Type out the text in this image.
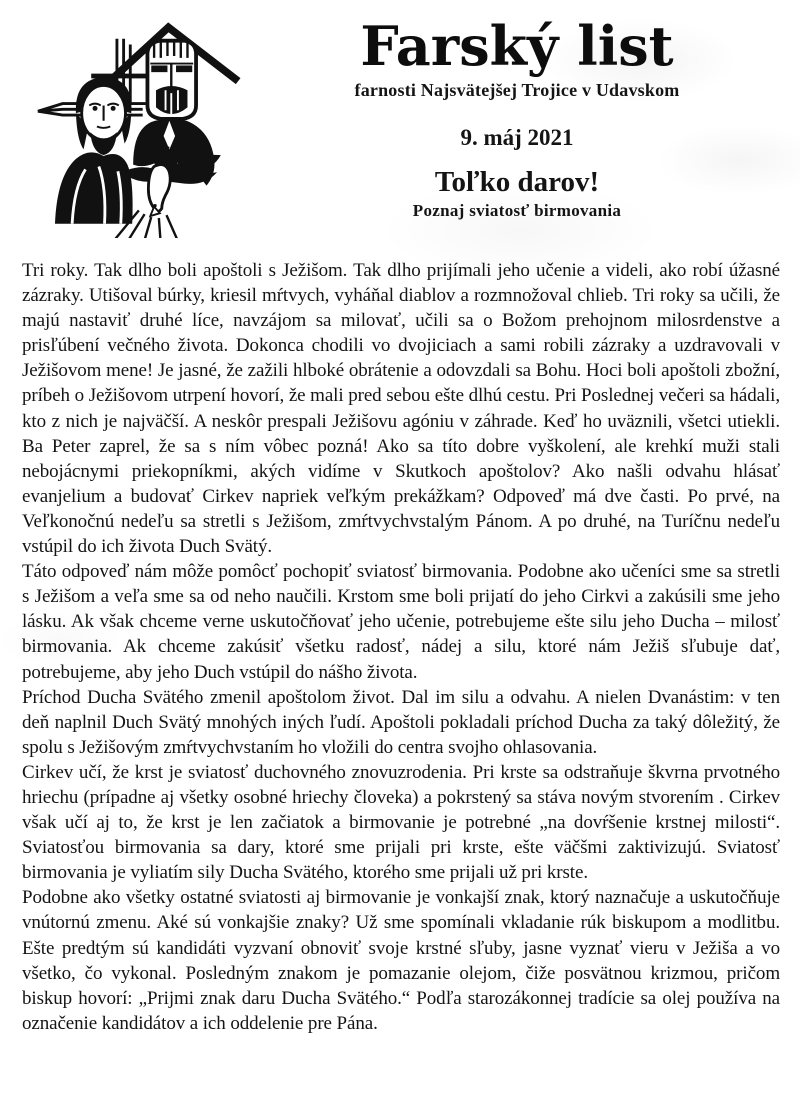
Farský list
farnosti Najsvätejšej Trojice v Udavskom
9. máj 2021
Toľko darov!
Poznaj sviatosť birmovania

Tri roky. Tak dlho boli apoštoli s Ježišom. Tak dlho prijímali jeho učenie a videli, ako robí úžasné zázraky. Utišoval búrky, kriesil mŕtvych, vyháňal diablov a rozmnožoval chlieb. Tri roky sa učili, že majú nastaviť druhé líce, navzájom sa milovať, učili sa o Božom prehojnom milosrdenstve a prisľúbení večného života. Dokonca chodili vo dvojiciach a sami robili zázraky a uzdravovali v Ježišovom mene! Je jasné, že zažili hlboké obrátenie a odovzdali sa Bohu. Hoci boli apoštoli zbožní, príbeh o Ježišovom utrpení hovorí, že mali pred sebou ešte dlhú cestu. Pri Poslednej večeri sa hádali, kto z nich je najväčší. A neskôr prespali Ježišovu agóniu v záhrade. Keď ho uväznili, všetci utiekli. Ba Peter zaprel, že sa s ním vôbec pozná! Ako sa títo dobre vyškolení, ale krehkí muži stali nebojácnymi priekopníkmi, akých vidíme v Skutkoch apoštolov? Ako našli odvahu hlásať evanjelium a budovať Cirkev napriek veľkým prekážkam? Odpoveď má dve časti. Po prvé, na Veľkonočnú nedeľu sa stretli s Ježišom, zmŕtvychvstalým Pánom. A po druhé, na Turíčnu nedeľu vstúpil do ich života Duch Svätý.

Táto odpoveď nám môže pomôcť pochopiť sviatosť birmovania. Podobne ako učeníci sme sa stretli s Ježišom a veľa sme sa od neho naučili. Krstom sme boli prijatí do jeho Cirkvi a zakúsili sme jeho lásku. Ak však chceme verne uskutočňovať jeho učenie, potrebujeme ešte silu jeho Ducha – milosť birmovania. Ak chceme zakúsiť všetku radosť, nádej a silu, ktoré nám Ježiš sľubuje dať, potrebujeme, aby jeho Duch vstúpil do nášho života.

Príchod Ducha Svätého zmenil apoštolom život. Dal im silu a odvahu. A nielen Dvanástim: v ten deň naplnil Duch Svätý mnohých iných ľudí. Apoštoli pokladali príchod Ducha za taký dôležitý, že spolu s Ježišovým zmŕtvychvstaním ho vložili do centra svojho ohlasovania.

Cirkev učí, že krst je sviatosť duchovného znovuzrodenia. Pri krste sa odstraňuje škvrna prvotného hriechu (prípadne aj všetky osobné hriechy človeka) a pokrstený sa stáva novým stvorením . Cirkev však učí aj to, že krst je len začiatok a birmovanie je potrebné „na dovŕšenie krstnej milosti“. Sviatosťou birmovania sa dary, ktoré sme prijali pri krste, ešte väčšmi zaktivizujú. Sviatosť birmovania je vyliatím sily Ducha Svätého, ktorého sme prijali už pri krste.

Podobne ako všetky ostatné sviatosti aj birmovanie je vonkajší znak, ktorý naznačuje a uskutočňuje vnútornú zmenu. Aké sú vonkajšie znaky? Už sme spomínali vkladanie rúk biskupom a modlitbu. Ešte predtým sú kandidáti vyzvaní obnoviť svoje krstné sľuby, jasne vyznať vieru v Ježiša a vo všetko, čo vykonal. Posledným znakom je pomazanie olejom, čiže posvätnou krizmou, pričom biskup hovorí: „Prijmi znak daru Ducha Svätého.“ Podľa starozákonnej tradície sa olej používa na označenie kandidátov a ich oddelenie pre Pána.
